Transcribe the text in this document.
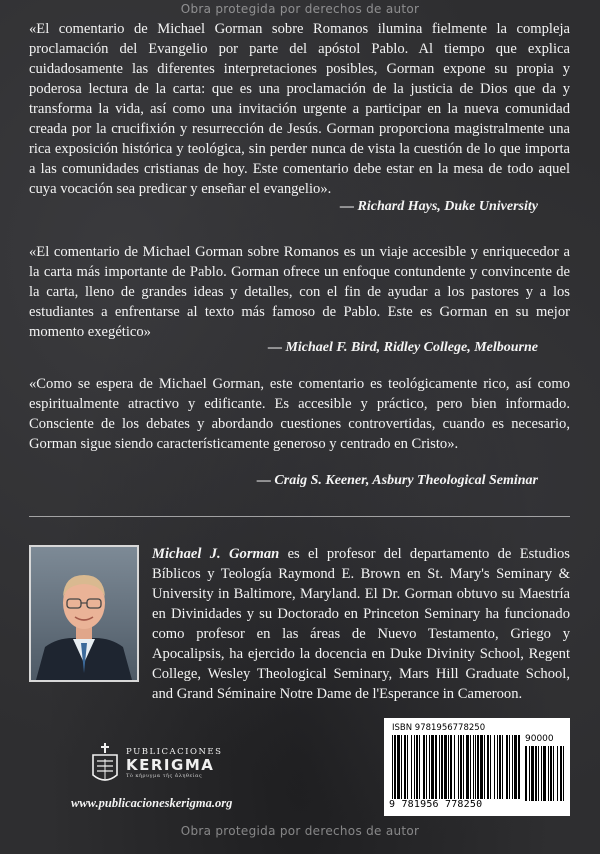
Obra protegida por derechos de autor

«El comentario de Michael Gorman sobre Romanos ilumina fielmente la compleja proclamación del Evangelio por parte del apóstol Pablo. Al tiempo que explica cuidadosamente las diferentes interpretaciones posibles, Gorman expone su propia y poderosa lectura de la carta: que es una proclamación de la justicia de Dios que da y transforma la vida, así como una invitación urgente a participar en la nueva comunidad creada por la crucifixión y resurrección de Jesús. Gorman proporciona magistralmente una rica exposición histórica y teológica, sin perder nunca de vista la cuestión de lo que importa a las comunidades cristianas de hoy. Este comentario debe estar en la mesa de todo aquel cuya vocación sea predicar y enseñar el evangelio».

— Richard Hays, Duke University

«El comentario de Michael Gorman sobre Romanos es un viaje accesible y enriquecedor a la carta más importante de Pablo. Gorman ofrece un enfoque contundente y convincente de la carta, lleno de grandes ideas y detalles, con el fin de ayudar a los pastores y a los estudiantes a enfrentarse al texto más famoso de Pablo. Este es Gorman en su mejor momento exegético»

— Michael F. Bird, Ridley College, Melbourne

«Como se espera de Michael Gorman, este comentario es teológicamente rico, así como espiritualmente atractivo y edificante. Es accesible y práctico, pero bien informado. Consciente de los debates y abordando cuestiones controvertidas, cuando es necesario, Gorman sigue siendo característicamente generoso y centrado en Cristo».

— Craig S. Keener, Asbury Theological Seminar

Michael J. Gorman es el profesor del departamento de Estudios Bíblicos y Teología Raymond E. Brown en St. Mary's Seminary & University in Baltimore, Maryland. El Dr. Gorman obtuvo su Maestría en Divinidades y su Doctorado en Princeton Seminary ha funcionado como profesor en las áreas de Nuevo Testamento, Griego y Apocalipsis, ha ejercido la docencia en Duke Divinity School, Regent College, Wesley Theological Seminary, Mars Hill Graduate School, and Grand Séminaire Notre Dame de l'Esperance in Cameroon.

PUBLICACIONES
KERIGMA
Τὸ κήρυγμα τῆς ἀληθείας
www.publicacioneskerigma.org
ISBN 9781956778250
90000
9 781956 778250
Obra protegida por derechos de autor
